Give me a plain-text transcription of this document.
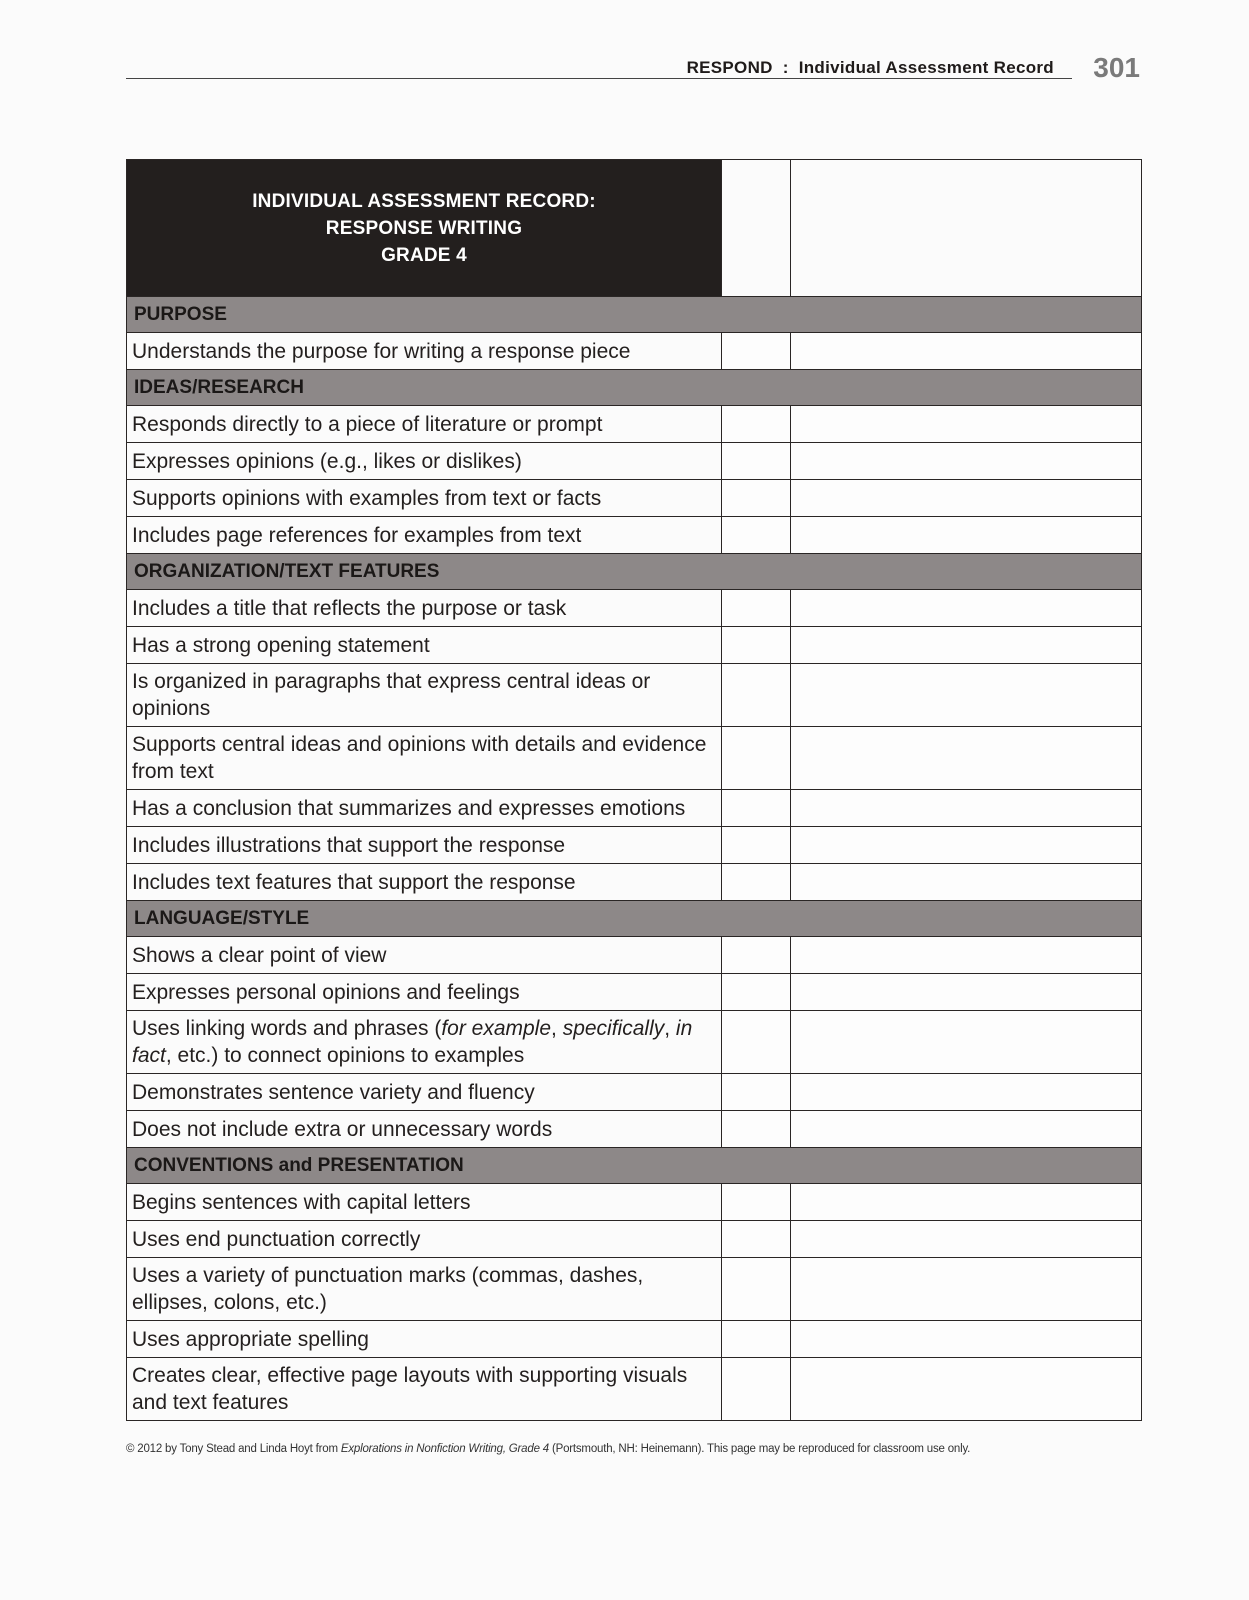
RESPOND : Individual Assessment Record 301
INDIVIDUAL ASSESSMENT RECORD:
RESPONSE WRITING
GRADE 4		

PURPOSE		
Understands the purpose for writing a response piece		
IDEAS/RESEARCH		
Responds directly to a piece of literature or prompt		
Expresses opinions (e.g., likes or dislikes)		
Supports opinions with examples from text or facts		
Includes page references for examples from text		
ORGANIZATION/TEXT FEATURES		
Includes a title that reflects the purpose or task		
Has a strong opening statement		
Is organized in paragraphs that express central ideas or opinions		
Supports central ideas and opinions with details and evidence from text		
Has a conclusion that summarizes and expresses emotions		
Includes illustrations that support the response		
Includes text features that support the response		
LANGUAGE/STYLE		
Shows a clear point of view		
Expresses personal opinions and feelings		
Uses linking words and phrases (for example, specifically, in fact, etc.) to connect opinions to examples		
Demonstrates sentence variety and fluency		
Does not include extra or unnecessary words		
CONVENTIONS and PRESENTATION		
Begins sentences with capital letters		
Uses end punctuation correctly		
Uses a variety of punctuation marks (commas, dashes, ellipses, colons, etc.)		
Uses appropriate spelling		
Creates clear, effective page layouts with supporting visuals and text features		
© 2012 by Tony Stead and Linda Hoyt from Explorations in Nonfiction Writing, Grade 4 (Portsmouth, NH: Heinemann). This page may be reproduced for classroom use only.
